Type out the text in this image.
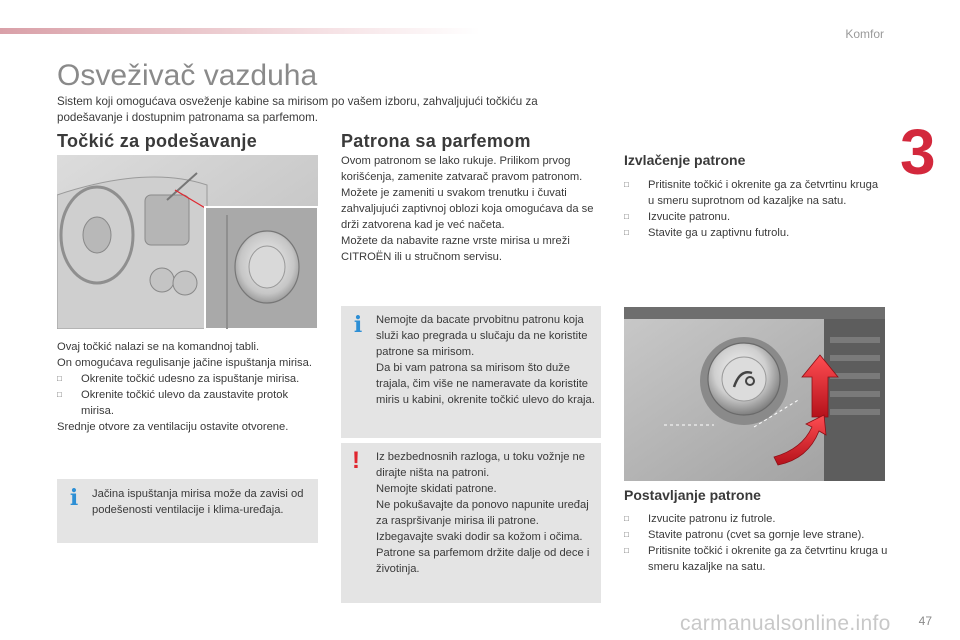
Komfor
3
Osveživač vazduha
Sistem koji omogućava osveženje kabine sa mirisom po vašem izboru, zahvaljujući točkiću za podešavanje i dostupnim patronama sa parfemom.
Točkić za podešavanje

Ovaj točkić nalazi se na komandnoj tabli.

On omogućava regulisanje jačine ispuštanja mirisa.

□ Okrenite točkić udesno za ispuštanje mirisa.
□ Okrenite točkić ulevo da zaustavite protok mirisa.

Srednje otvore za ventilaciju ostavite otvorene.

i Jačina ispuštanja mirisa može da zavisi od podešenosti ventilacije i klima-uređaja.
Patrona sa parfemom

Ovom patronom se lako rukuje. Prilikom prvog korišćenja, zamenite zatvarač pravom patronom.

Možete je zameniti u svakom trenutku i čuvati zahvaljujući zaptivnoj oblozi koja omogućava da se drži zatvorena kad je već načeta.

Možete da nabavite razne vrste mirisa u mreži CITROËN ili u stručnom servisu.

i Nemojte da bacate prvobitnu patronu koja služi kao pregrada u slučaju da ne koristite patrone sa mirisom.

Da bi vam patrona sa mirisom što duže trajala, čim više ne nameravate da koristite miris u kabini, okrenite točkić ulevo do kraja.

! Iz bezbednosnih razloga, u toku vožnje ne dirajte ništa na patroni.

Nemojte skidati patrone.

Ne pokušavajte da ponovo napunite uređaj za raspršivanje mirisa ili patrone.

Izbegavajte svaki dodir sa kožom i očima.

Patrone sa parfemom držite dalje od dece i životinja.

Izvlačenje patrone
□ Pritisnite točkić i okrenite ga za četvrtinu kruga u smeru suprotnom od kazaljke na satu.
□ Izvucite patronu.
□ Stavite ga u zaptivnu futrolu.
Postavljanje patrone
□ Izvucite patronu iz futrole.
□ Stavite patronu (cvet sa gornje leve strane).
□ Pritisnite točkić i okrenite ga za četvrtinu kruga u smeru kazaljke na satu.
carmanualsonline.info 47
